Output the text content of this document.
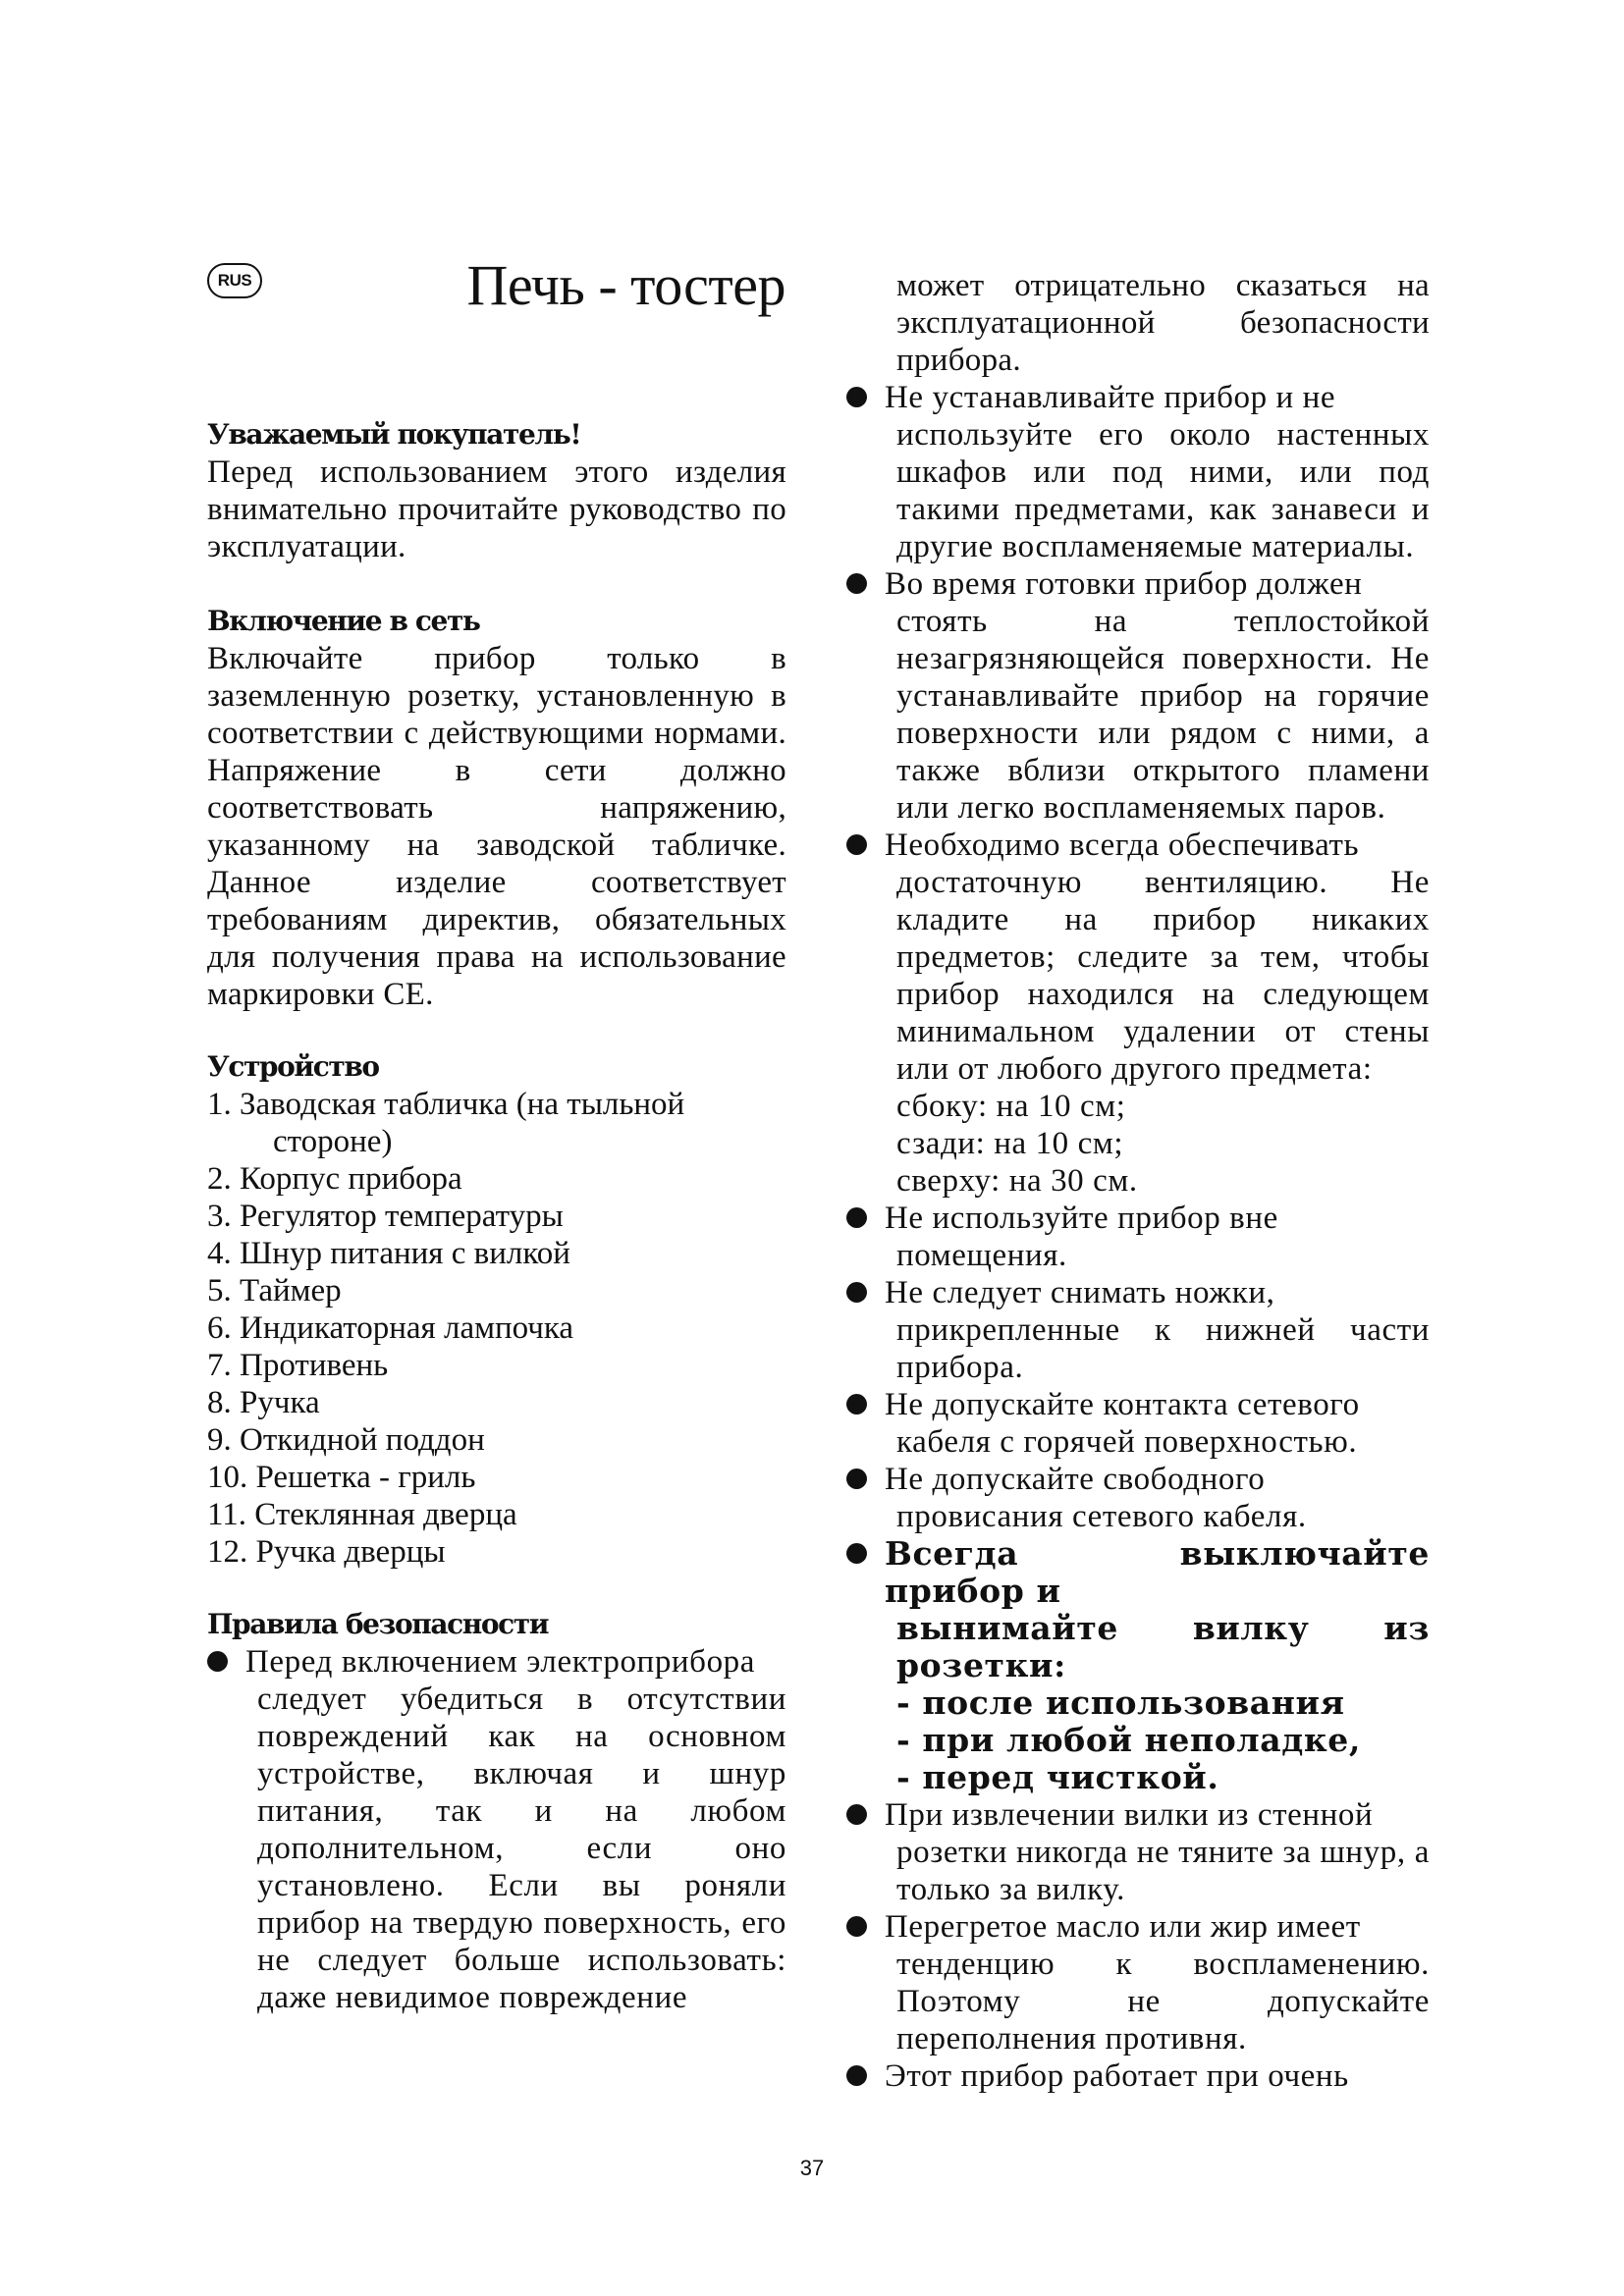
RUS	Печь - тостер
Уважаемый покупатель!

Перед использованием этого изделия внимательно прочитайте руководство по эксплуатации.

Включение в сеть

Включайте прибор только в заземленную розетку, установленную в соответствии с действующими нормами. Напряжение в сети должно соответствовать напряжению, указанному на заводской табличке. Данное изделие соответствует требованиям директив, обязательных для получения права на использование маркировки CE.

Устройство
1. Заводская табличка (на тыльной
стороне)
2. Корпус прибора
3. Регулятор температуры
4. Шнур питания с вилкой
5. Таймер
6. Индикаторная лампочка
7. Противень
8. Ручка
9. Откидной поддон
10. Решетка - гриль
11. Стеклянная дверца
12. Ручка дверцы
Правила безопасности
Перед включением электроприбора
следует убедиться в отсутствии повреждений как на основном устройстве, включая и шнур питания, так и на любом дополнительном, если оно установлено. Если вы роняли прибор на твердую поверхность, его не следует больше использовать: даже невидимое повреждение

может отрицательно сказаться на эксплуатационной безопасности прибора.

Не устанавливайте прибор и не
используйте его около настенных шкафов или под ними, или под такими предметами, как занавеси и другие воспламеняемые материалы.
Во время готовки прибор должен
стоять на теплостойкой незагрязняющейся поверхности. Не устанавливайте прибор на горячие поверхности или рядом с ними, а также вблизи открытого пламени или легко воспламеняемых паров.
Необходимо всегда обеспечивать
достаточную вентиляцию. Не кладите на прибор никаких предметов; следите за тем, чтобы прибор находился на следующем минимальном удалении от стены или от любого другого предмета:
сбоку: на 10 см;
сзади: на 10 см;
сверху: на 30 см.
Не используйте прибор вне
помещения.
Не следует снимать ножки,
прикрепленные к нижней части прибора.
Не допускайте контакта сетевого
кабеля с горячей поверхностью.
Не допускайте свободного
провисания сетевого кабеля.
Всегда выключайте прибор и
вынимайте вилку из розетки:
- после использования
- при любой неполадке,
- перед чисткой.
При извлечении вилки из стенной
розетки никогда не тяните за шнур, а только за вилку.
Перегретое масло или жир имеет
тенденцию к воспламенению. Поэтому не допускайте переполнения противня.
Этот прибор работает при очень
37
